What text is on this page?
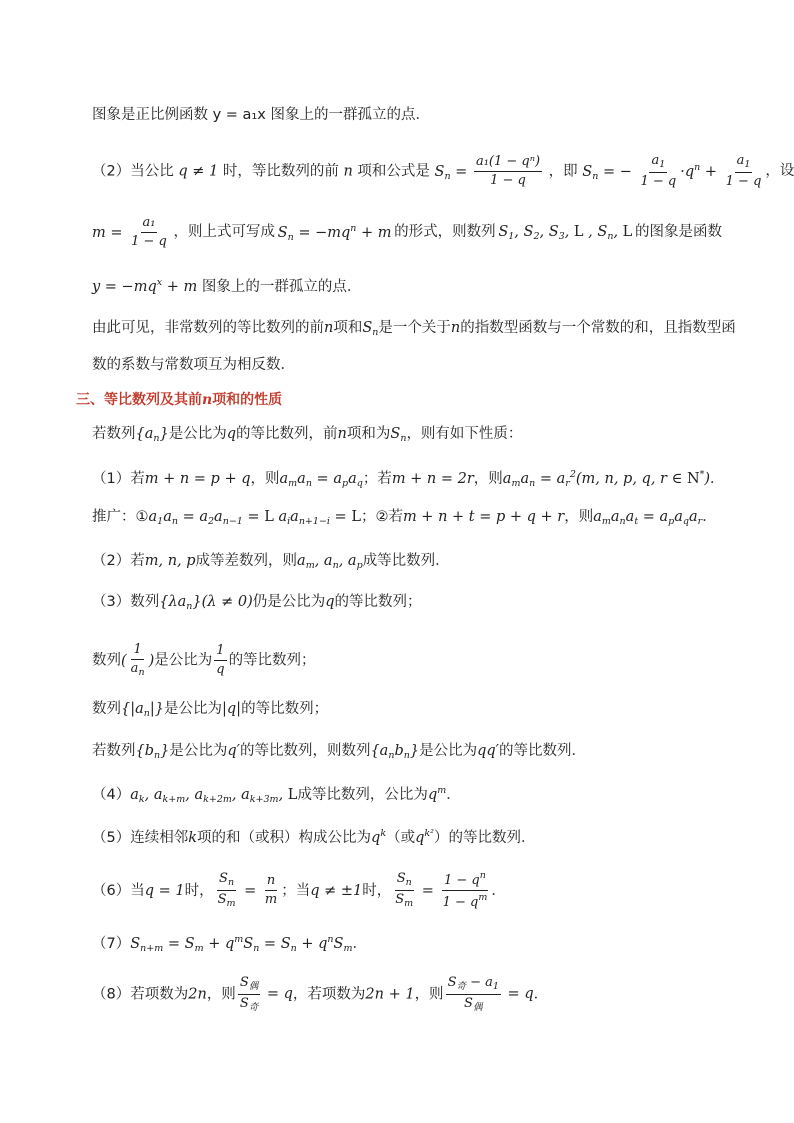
图象是正比例函数 y = a₁x 图象上的一群孤立的点．
（2）当公比 q ≠ 1 时，等比数列的前 n 项和公式是 $S_n = \frac{\text{a₁(1 − qⁿ)}}{1 - q}$ ，即 $S_n$ = − $\frac{a_1}{1 - q} \cdot q^n + \frac{a_1}{1 - q}$ ，设
$m = \frac{\text{a₁}}{1 - q}$ ，则上式可写成 $S_n = -mq^n + m$ 的形式，则数列 $S_1$, $S_2$, $S_3$, L , $S_n$, L 的图象是函数
$y = -mq^x + m$ 图象上的一群孤立的点．
由此可见，非常数列的等比数列的前n项和$S_n$是一个关于n的指数型函数与一个常数的和，且指数型函
数的系数与常数项互为相反数．
三、等比数列及其前n项和的性质
若数列$\{a_n\}$是公比为q的等比数列，前n项和为$S_n$，则有如下性质：
（1）若m + n = p + q，则$a_ma_n = a_pa_q$；若m + n = 2r，则$a_ma_n = a_r^2(m$, n, p, q, r ∈ N*)．
推广：$①a_1a_n = a_2a_{n-1} = L$ $a_ia_{n+1-i} = L$；②若m + n + t = p + q + r，则$a_ma_na_t = a_pa_qa_r$．
（2）若m, n, p成等差数列，则$a_m$, $a_n$, $a_p$成等比数列．
（3）数列$\{\lambda a_n\}(\lambda \ne 0)$仍是公比为q的等比数列；
数列( $\frac{1}{a_n}$ )是公比为 $\frac{1}{q}$ 的等比数列；
数列$\{|a_n|\}$是公比为|q|的等比数列；
若数列$\{b_n\}$是公比为q′的等比数列，则数列$\{a_nb_n\}$是公比为qq′的等比数列．
$(4)a_k$, $a_{k+m}$, $a_{k+2m}$, $a_{k+3m}$, L成等比数列，公比为$q^m$．
（5）连续相邻k项的和（或积）构成公比为$q^k$（或$q^{k^2}$）的等比数列．
（6）当q = 1时， $\frac{S_n}{S_m} = \frac{n}{m}$ ；当q ≠ ±1时， $\frac{S_n}{S_m} = \frac{1 - q^n}{1 - q^m}$ ．
$(7)S_{n+m} = S_m + q^mS_n = S_n + q^nS_m$．
（8）若项数为2n，则 $\frac{S_偶}{S_奇} = q$，若项数为2n + 1，则 $\frac{S_奇 - a_1}{S_偶} = q$．
